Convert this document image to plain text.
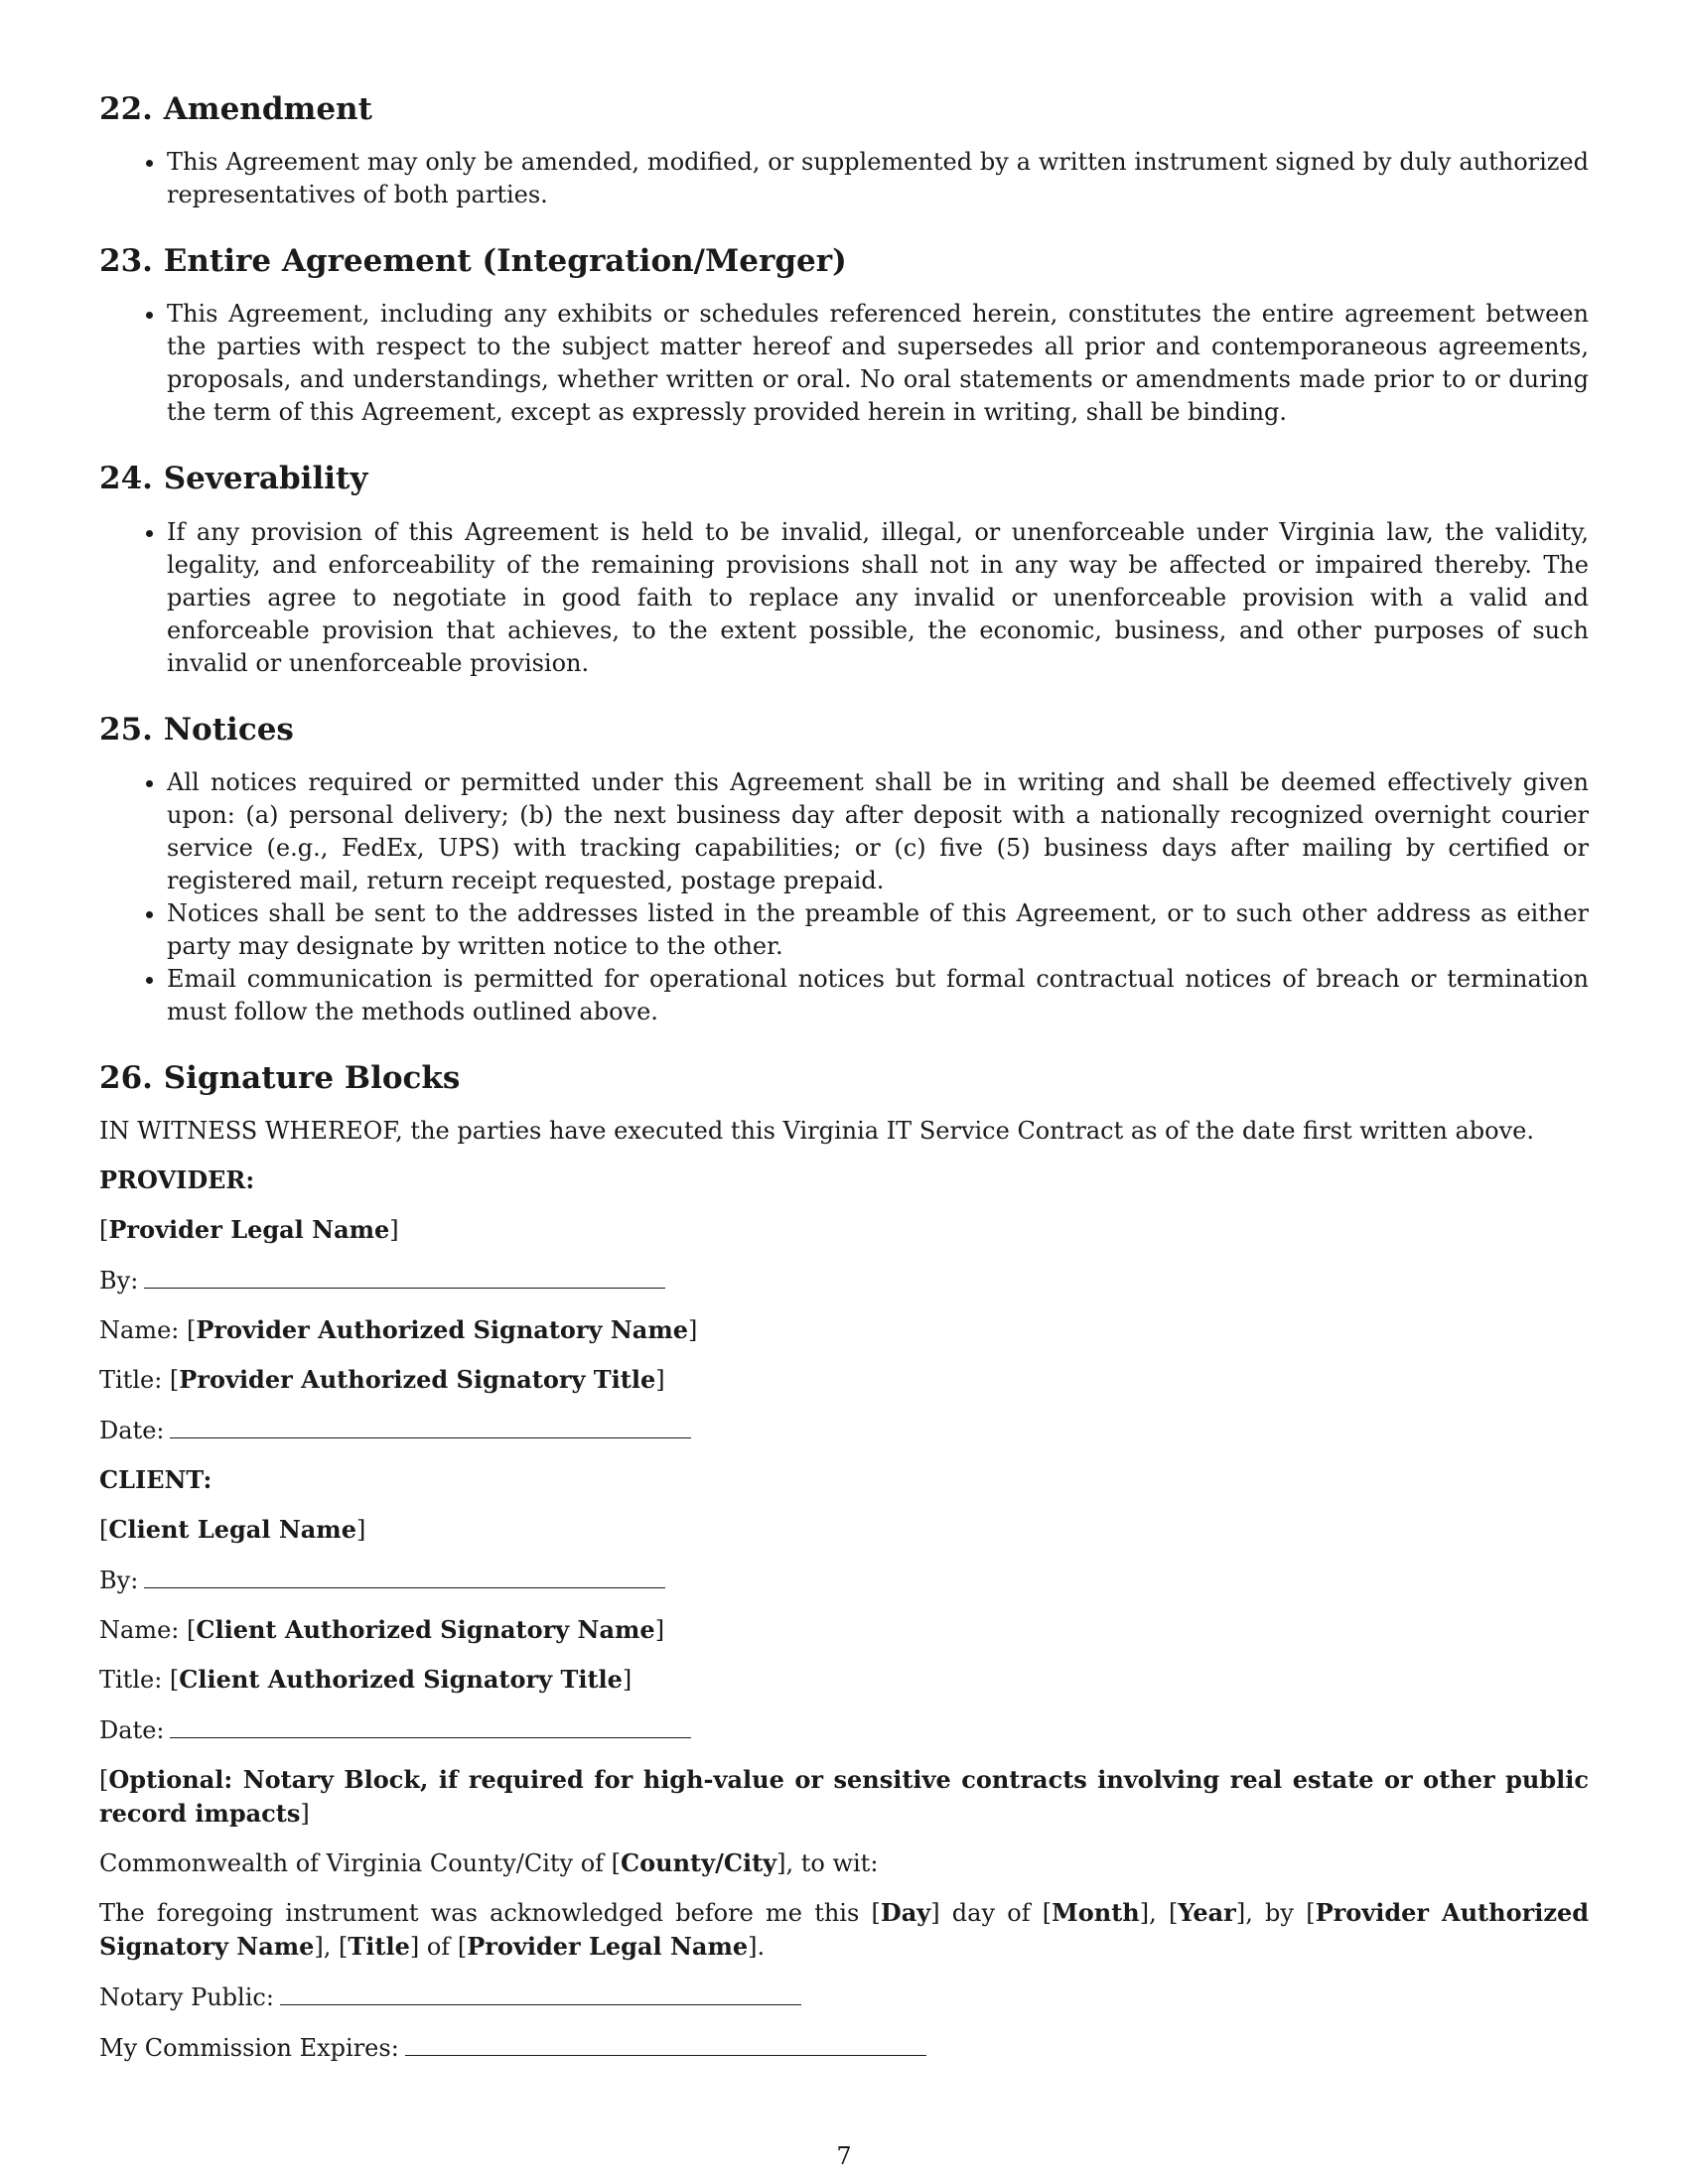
22. Amendment
• This Agreement may only be amended, modified, or supplemented by a written instrument signed by duly authorized representatives of both parties.
23. Entire Agreement (Integration/Merger)
• This Agreement, including any exhibits or schedules referenced herein, constitutes the entire agreement between the parties with respect to the subject matter hereof and supersedes all prior and contemporaneous agreements, proposals, and understandings, whether written or oral. No oral statements or amendments made prior to or during the term of this Agreement, except as expressly provided herein in writing, shall be binding.
24. Severability
• If any provision of this Agreement is held to be invalid, illegal, or unenforceable under Virginia law, the validity, legality, and enforceability of the remaining provisions shall not in any way be affected or impaired thereby. The parties agree to negotiate in good faith to replace any invalid or unenforceable provision with a valid and enforceable provision that achieves, to the extent possible, the economic, business, and other purposes of such invalid or unenforceable provision.
25. Notices
• All notices required or permitted under this Agreement shall be in writing and shall be deemed effectively given upon: (a) personal delivery; (b) the next business day after deposit with a nationally recognized overnight courier service (e.g., FedEx, UPS) with tracking capabilities; or (c) five (5) business days after mailing by certified or registered mail, return receipt requested, postage prepaid.
• Notices shall be sent to the addresses listed in the preamble of this Agreement, or to such other address as either party may designate by written notice to the other.
• Email communication is permitted for operational notices but formal contractual notices of breach or termination must follow the methods outlined above.
26. Signature Blocks

IN WITNESS WHEREOF, the parties have executed this Virginia IT Service Contract as of the date first written above.

PROVIDER:

[Provider Legal Name]

By:

Name: [Provider Authorized Signatory Name]

Title: [Provider Authorized Signatory Title]

Date:

CLIENT:

[Client Legal Name]

By:

Name: [Client Authorized Signatory Name]

Title: [Client Authorized Signatory Title]

Date:

[Optional: Notary Block, if required for high-value or sensitive contracts involving real estate or other public record impacts]

Commonwealth of Virginia County/City of [County/City], to wit:

The foregoing instrument was acknowledged before me this [Day] day of [Month], [Year], by [Provider Authorized Signatory Name], [Title] of [Provider Legal Name].

Notary Public:

My Commission Expires:

7
